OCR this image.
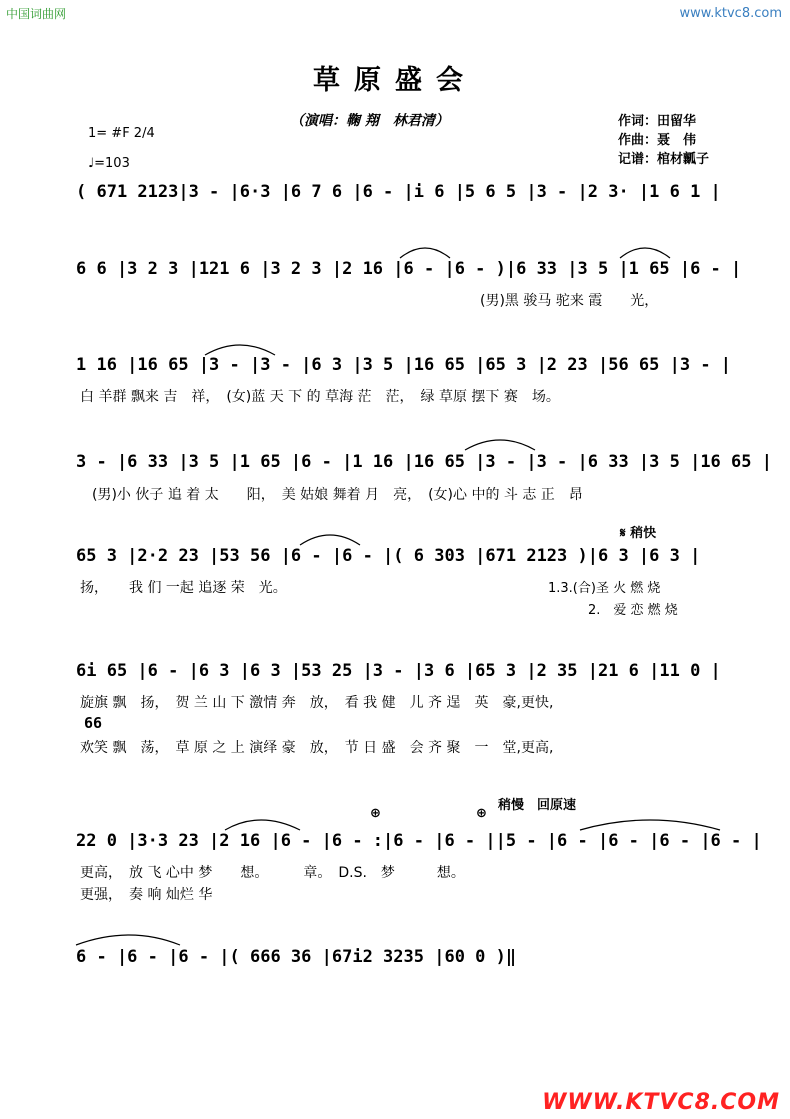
中国词曲网	www.ktvc8.com
草原盛会
（演唱：鞠 翔　林君清）	作词：田留华
作曲：聂　伟
记谱：棺材瓤子
1= #F 2/4
♩=103
( 671 2123|3 - |6·3 |6 7 6 |6 - |i 6 |5 6 5 |3 - |2 3· |1 6 1 |
6 6 |3 2 3 |121 6 |3 2 3 |2 16 |6 - |6 - )|6 33 |3 5 |1 65 |6 - |
(男)黑 骏马 驼来 霞　　光，
1 16 |16 65 |3 - |3 - |6 3 |3 5 |16 65 |65 3 |2 23 |56 65 |3 - |
白 羊群 飘来 吉　祥，　(女)蓝 天 下 的 草海 茫　茫，　绿 草原 摆下 赛　场。
3 - |6 33 |3 5 |1 65 |6 - |1 16 |16 65 |3 - |3 - |6 33 |3 5 |16 65 |
(男)小 伙子 追 着 太　　阳，　美 姑娘 舞着 月　亮，　(女)心 中的 斗 志 正　昂
𝄋 稍快
65 3 |2·2 23 |53 56 |6 - |6 - |( 6 303 |671 2123 )|6 3 |6 3 |
扬，　　我 们 一起 追逐 荣　光。	1.3.(合)圣 火 燃 烧
2.　爱 恋 燃 烧
6i 65 |6 - |6 3 |6 3 |53 25 |3 - |3 6 |65 3 |2 35 |21 6 |11 0 |
旋旗 飘　扬，　贺 兰 山 下 激情 奔　放，　看 我 健　儿 齐 逞　英　豪,更快,
66
欢笑 飘　荡，　草 原 之 上 演绎 豪　放，　节 日 盛　会 齐 聚　一　堂,更高,
稍慢　回原速
⊕	⊕
22 0 |3·3 23 |2 16 |6 - |6 - :|6 - |6 - ||5 - |6 - |6 - |6 - |6 - |
更高，　放 飞 心中 梦　　想。　　　章。　D.S.　梦　　　想。
更强，　奏 响 灿烂 华
6 - |6 - |6 - |( 666 36 |67i2 3235 |60 0 )‖
WWW.KTVC8.COM
